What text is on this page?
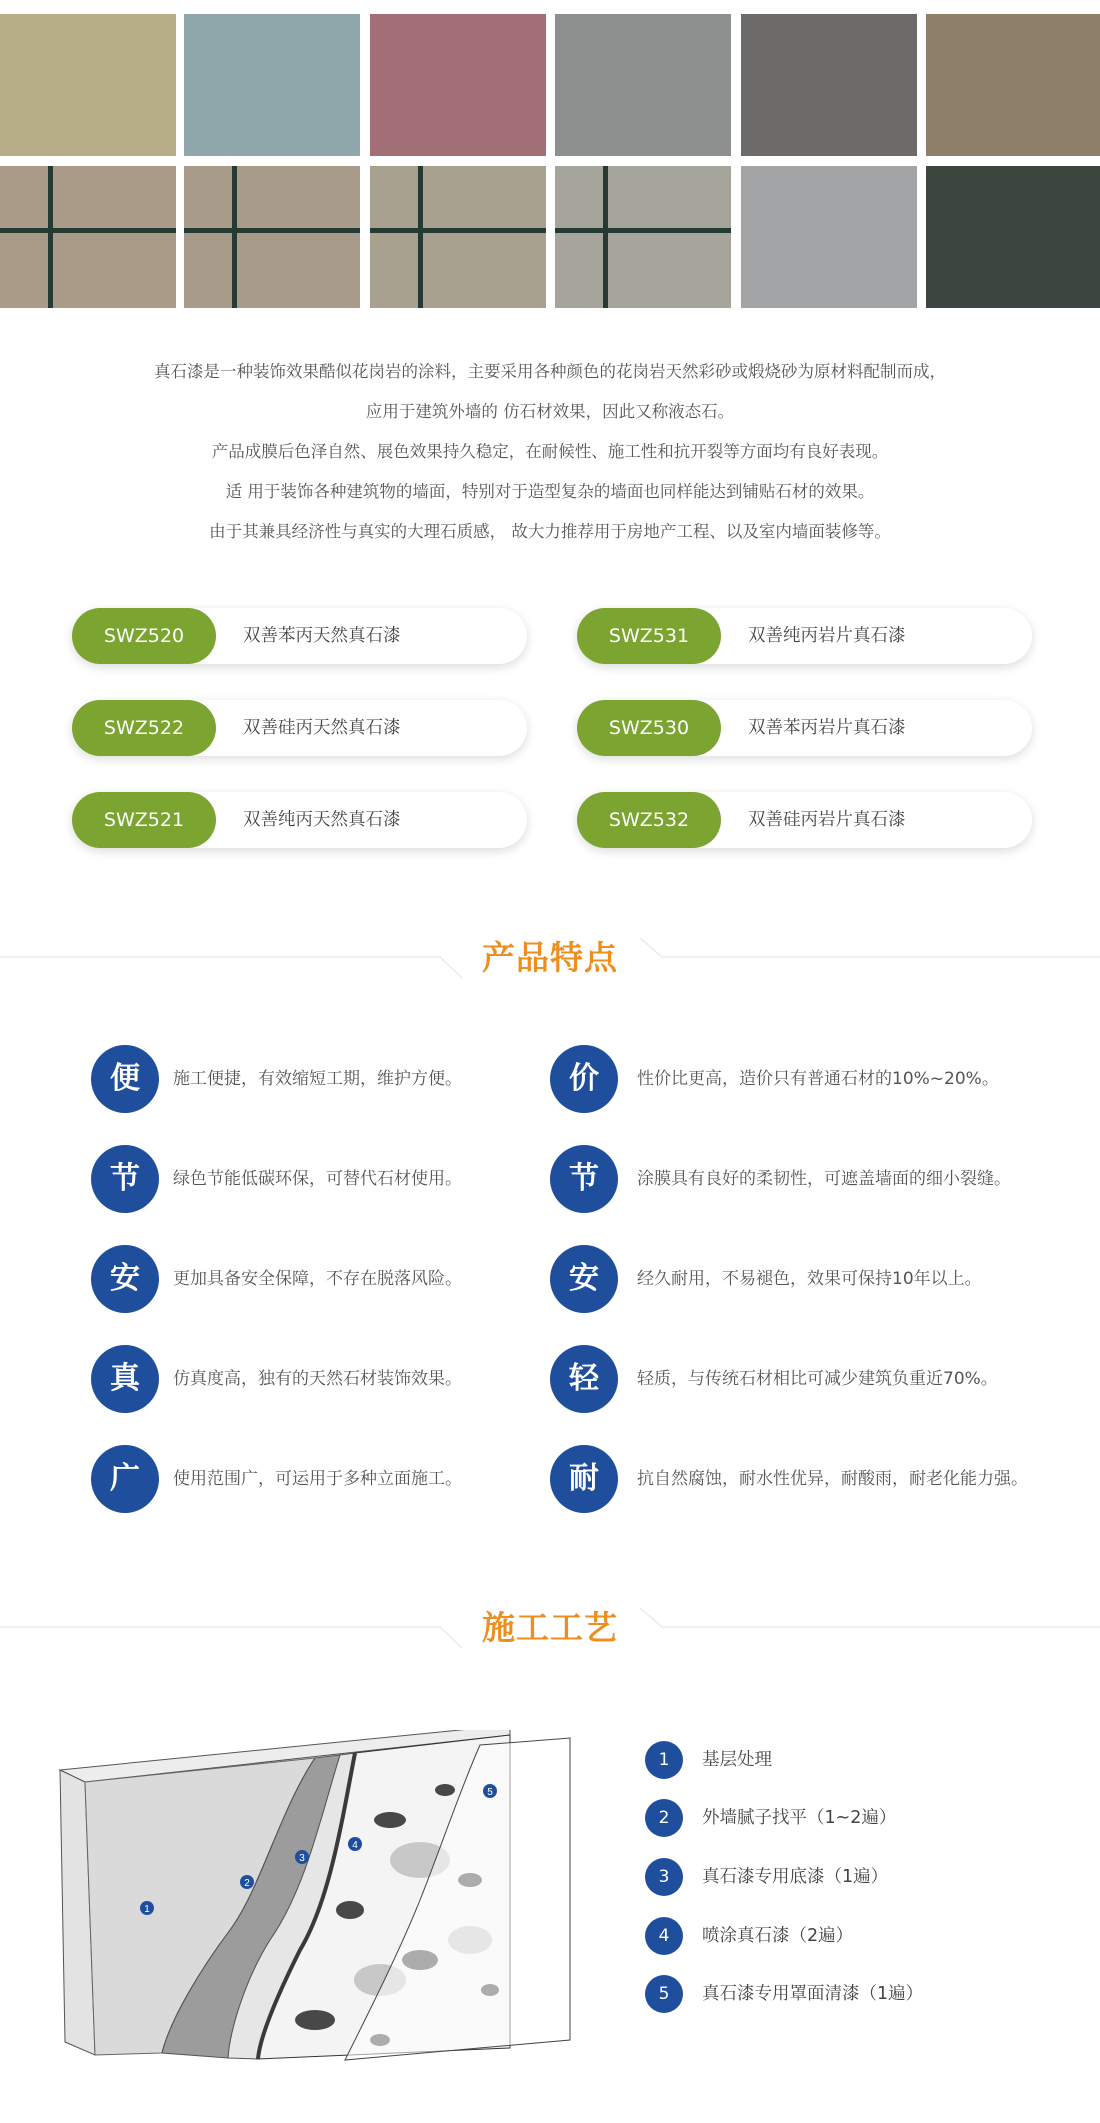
真石漆是一种装饰效果酷似花岗岩的涂料，主要采用各种颜色的花岗岩天然彩砂或煅烧砂为原材料配制而成，

应用于建筑外墙的 仿石材效果，因此又称液态石。

产品成膜后色泽自然、展色效果持久稳定，在耐候性、施工性和抗开裂等方面均有良好表现。

适 用于装饰各种建筑物的墙面，特别对于造型复杂的墙面也同样能达到铺贴石材的效果。

由于其兼具经济性与真实的大理石质感， 故大力推荐用于房地产工程、以及室内墙面装修等。

SWZ520	双善苯丙天然真石漆	SWZ531	双善纯丙岩片真石漆
SWZ522	双善硅丙天然真石漆	SWZ530	双善苯丙岩片真石漆
SWZ521	双善纯丙天然真石漆	SWZ532	双善硅丙岩片真石漆
产品特点
便	施工便捷，有效缩短工期，维护方便。	价	性价比更高，造价只有普通石材的10%~20%。
节	绿色节能低碳环保，可替代石材使用。	节	涂膜具有良好的柔韧性，可遮盖墙面的细小裂缝。
安	更加具备安全保障，不存在脱落风险。	安	经久耐用，不易褪色，效果可保持10年以上。
真	仿真度高，独有的天然石材装饰效果。	轻	轻质，与传统石材相比可减少建筑负重近70%。
广	使用范围广，可运用于多种立面施工。	耐	抗自然腐蚀，耐水性优异，耐酸雨，耐老化能力强。
施工工艺
1
2
3
4
5
1	基层处理
2	外墙腻子找平（1~2遍）
3	真石漆专用底漆（1遍）
4	喷涂真石漆（2遍）
5	真石漆专用罩面清漆（1遍）
